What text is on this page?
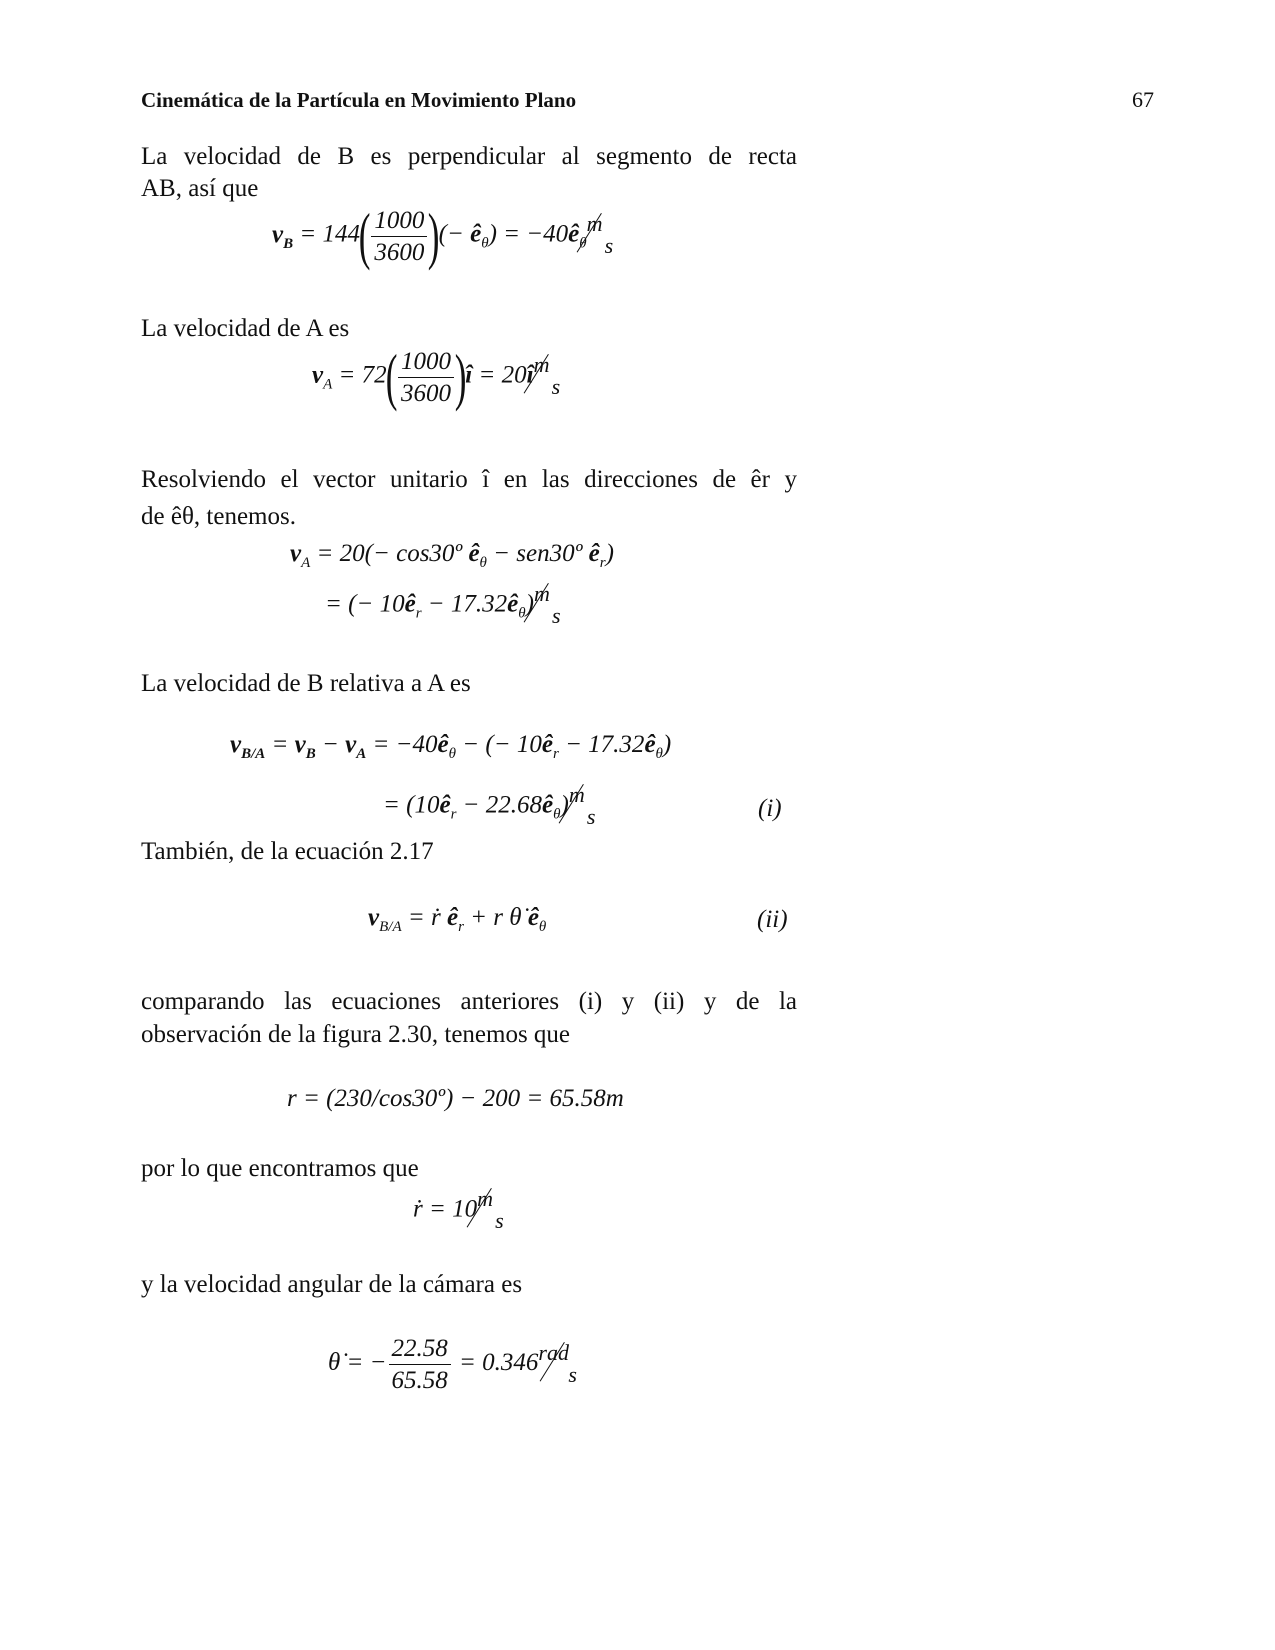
Cinemática de la Partícula en Movimiento Plano	67
La velocidad de B es perpendicular al segmento de recta
AB, así que
$v_B = 144( \frac{1000}{3600}$ )(− $ê_\theta$) = $-40ê_\theta$
m
s
La velocidad de A es
$v_A = 72( \frac{1000}{3600}$ )î = 20î m
s
Resolviendo el vector unitario î en las direcciones de êr y
de êθ, tenemos.
$v_A = 20(-$ cos30º $ê_\theta$ − sen30º $ê_r$)
= (− $10ê_r$ − $17.32ê_\theta$) m
s
La velocidad de B relativa a A es
$v_{B/A} = v_B - v_A$ = $-40ê_\theta$ − (− $10ê_r$ − $17.32ê_\theta$)
= ($10ê_r$ − $22.68ê_\theta$) m
s	(i)
También, de la ecuación 2.17
$v_{B/A}$ = ṙ $ê_r + r$ θ̇ $ê_\theta$	(ii)
comparando las ecuaciones anteriores (i) y (ii) y de la
observación de la figura 2.30, tenemos que
r = (230/cos30º) − 200 = 65.58m
por lo que encontramos que
ṙ = 10 m
s
y la velocidad angular de la cámara es
θ̇ = − $\frac{22.58}{65.58} = 0.346$ rad
s
